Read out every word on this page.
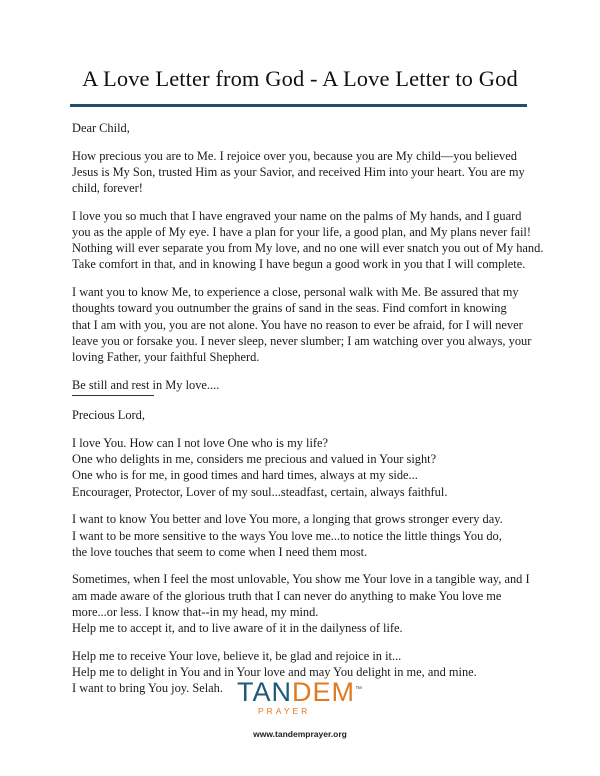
A Love Letter from God - A Love Letter to God

Dear Child,

How precious you are to Me. I rejoice over you, because you are My child—you believed

Jesus is My Son, trusted Him as your Savior, and received Him into your heart. You are my

child, forever!

I love you so much that I have engraved your name on the palms of My hands, and I guard

you as the apple of My eye. I have a plan for your life, a good plan, and My plans never fail!

Nothing will ever separate you from My love, and no one will ever snatch you out of My hand.

Take comfort in that, and in knowing I have begun a good work in you that I will complete.

I want you to know Me, to experience a close, personal walk with Me. Be assured that my

thoughts toward you outnumber the grains of sand in the seas. Find comfort in knowing

that I am with you, you are not alone. You have no reason to ever be afraid, for I will never

leave you or forsake you. I never sleep, never slumber; I am watching over you always, your

loving Father, your faithful Shepherd.

Be still and rest in My love....

Precious Lord,

I love You. How can I not love One who is my life?

One who delights in me, considers me precious and valued in Your sight?

One who is for me, in good times and hard times, always at my side...

Encourager, Protector, Lover of my soul...steadfast, certain, always faithful.

I want to know You better and love You more, a longing that grows stronger every day.

I want to be more sensitive to the ways You love me...to notice the little things You do,

the love touches that seem to come when I need them most.

Sometimes, when I feel the most unlovable, You show me Your love in a tangible way, and I

am made aware of the glorious truth that I can never do anything to make You love me

more...or less. I know that--in my head, my mind.

Help me to accept it, and to live aware of it in the dailyness of life.

Help me to receive Your love, believe it, be glad and rejoice in it...

Help me to delight in You and in Your love and may You delight in me, and mine.

I want to bring You joy. Selah. TANDEM™
PRAYER
www.tandemprayer.org
